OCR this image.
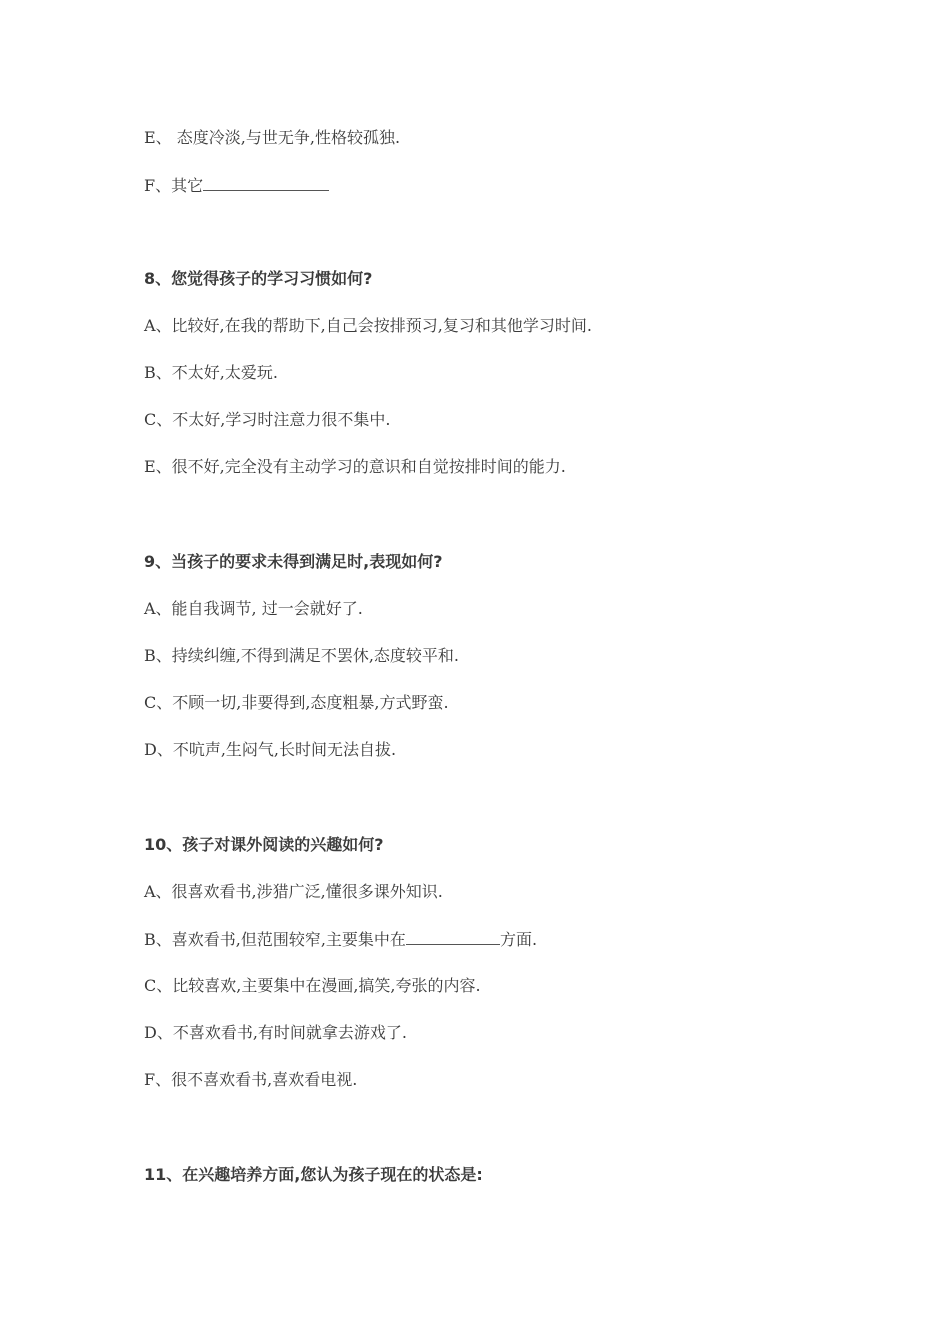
E、 态度冷淡,与世无争,性格较孤独.
F、其它
8、您觉得孩子的学习习惯如何?
A、比较好,在我的帮助下,自己会按排预习,复习和其他学习时间.
B、不太好,太爱玩.
C、不太好,学习时注意力很不集中.
E、很不好,完全没有主动学习的意识和自觉按排时间的能力.
9、当孩子的要求未得到满足时,表现如何?
A、能自我调节, 过一会就好了.
B、持续纠缠,不得到满足不罢休,态度较平和.
C、不顾一切,非要得到,态度粗暴,方式野蛮.
D、不吭声,生闷气,长时间无法自拔.
10、孩子对课外阅读的兴趣如何?
A、很喜欢看书,涉猎广泛,懂很多课外知识.
B、喜欢看书,但范围较窄,主要集中在	方面.
C、比较喜欢,主要集中在漫画,搞笑,夸张的内容.
D、不喜欢看书,有时间就拿去游戏了.
F、很不喜欢看书,喜欢看电视.
11、在兴趣培养方面,您认为孩子现在的状态是:
